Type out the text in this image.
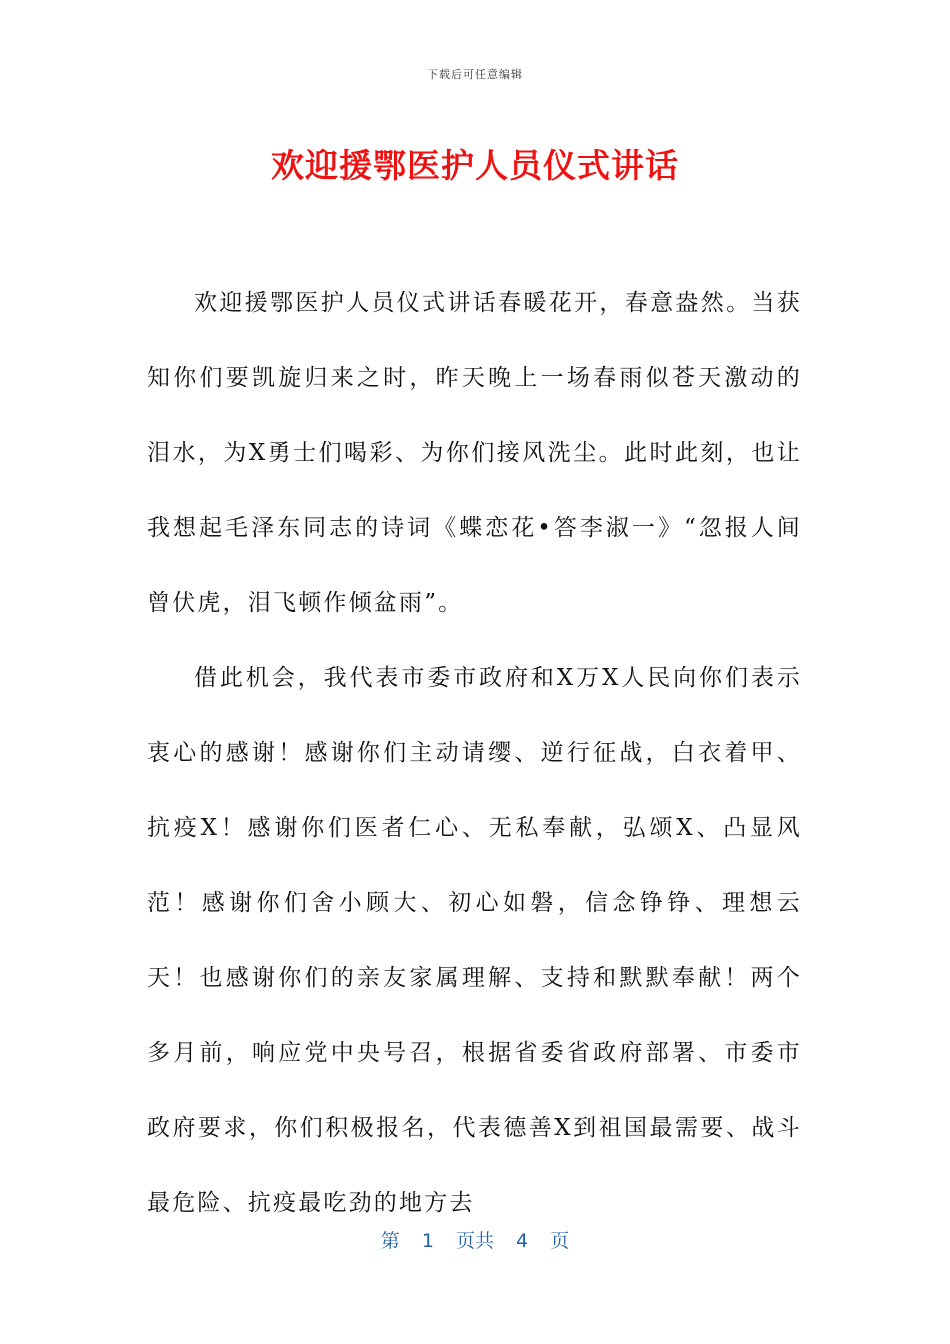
下载后可任意编辑
欢迎援鄂医护人员仪式讲话

欢迎援鄂医护人员仪式讲话春暖花开，春意盎然。当获知你们要凯旋归来之时，昨天晚上一场春雨似苍天激动的泪水，为X勇士们喝彩、为你们接风洗尘。此时此刻，也让我想起毛泽东同志的诗词《蝶恋花•答李淑一》“忽报人间曾伏虎，泪飞顿作倾盆雨”。

借此机会，我代表市委市政府和X万X人民向你们表示衷心的感谢！感谢你们主动请缨、逆行征战，白衣着甲、抗疫X！感谢你们医者仁心、无私奉献，弘颂X、凸显风范！感谢你们舍小顾大、初心如磐，信念铮铮、理想云天！也感谢你们的亲友家属理解、支持和默默奉献！两个多月前，响应党中央号召，根据省委省政府部署、市委市政府要求，你们积极报名，代表德善X到祖国最需要、战斗最危险、抗疫最吃劲的地方去

第 1 页共 4 页
